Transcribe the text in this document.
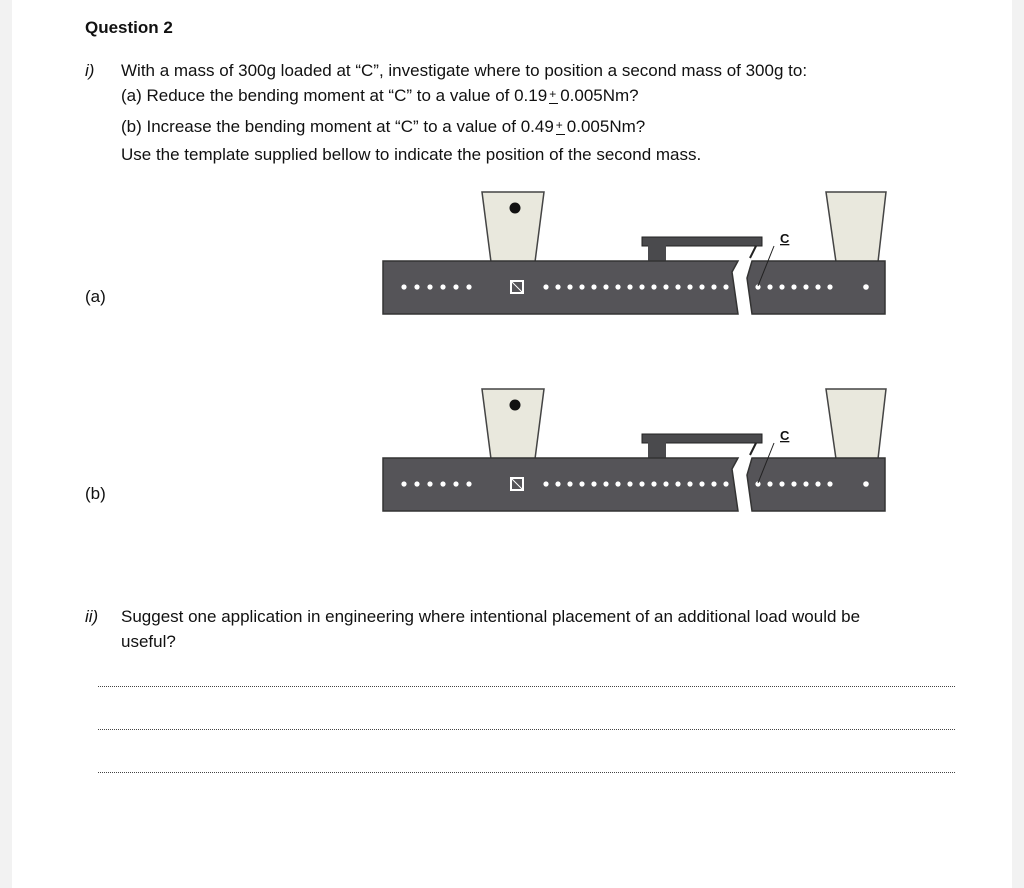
Question 2
i) With a mass of 300g loaded at “C”, investigate where to position a second mass of 300g to:
(a) Reduce the bending moment at “C” to a value of 0.19 + 0.005Nm?
(b) Increase the bending moment at “C” to a value of 0.49 + 0.005Nm?
Use the template supplied bellow to indicate the position of the second mass.
(a)
(b)
C
C
ii) Suggest one application in engineering where intentional placement of an additional load would be
useful?
